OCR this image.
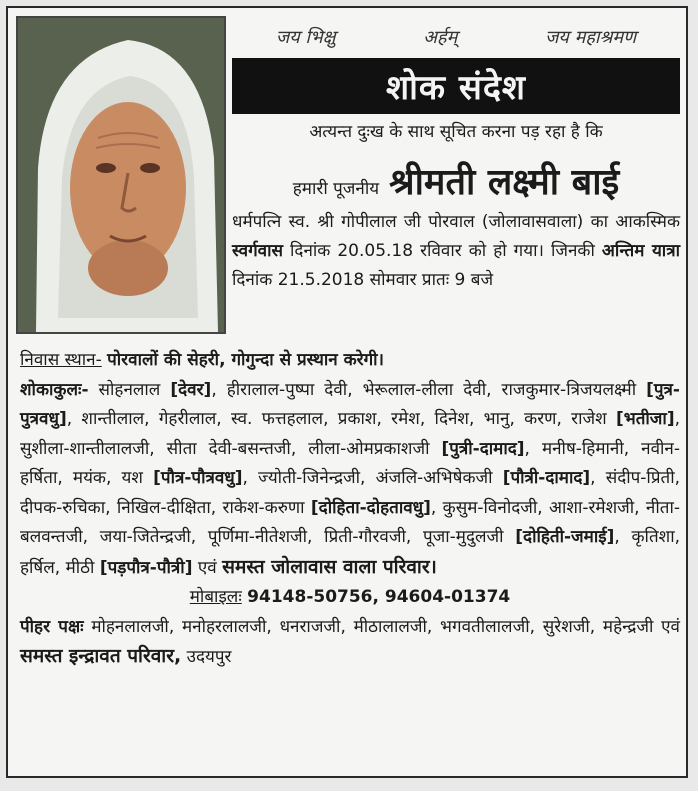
जय भिक्षु	अर्हम्	जय महाश्रमण
शोक संदेश
अत्यन्त दुःख के साथ सूचित करना पड़ रहा है कि
हमारी पूजनीय श्रीमती लक्ष्मी बाई
धर्मपत्नि स्व. श्री गोपीलाल जी पोरवाल (जोलावासवाला) का आकस्मिक स्वर्गवास दिनांक 20.05.18 रविवार को हो गया। जिनकी अन्तिम यात्रा दिनांक 21.5.2018 सोमवार प्रातः 9 बजे
निवास स्थान- पोरवालों की सेहरी, गोगुन्दा से प्रस्थान करेगी।
शोकाकुलः- सोहनलाल [देवर], हीरालाल-पुष्पा देवी, भेरूलाल-लीला देवी, राजकुमार-त्रिजयलक्ष्मी [पुत्र-पुत्रवधु], शान्तीलाल, गेहरीलाल, स्व. फत्तहलाल, प्रकाश, रमेश, दिनेश, भानु, करण, राजेश [भतीजा], सुशीला-शान्तीलालजी, सीता देवी-बसन्तजी, लीला-ओमप्रकाशजी [पुत्री-दामाद], मनीष-हिमानी, नवीन-हर्षिता, मयंक, यश [पौत्र-पौत्रवधु], ज्योती-जिनेन्द्रजी, अंजलि-अभिषेकजी [पौत्री-दामाद], संदीप-प्रिती, दीपक-रुचिका, निखिल-दीक्षिता, राकेश-करुणा [दोहिता-दोहतावधु], कुसुम-विनोदजी, आशा-रमेशजी, नीता-बलवन्तजी, जया-जितेन्द्रजी, पूर्णिमा-नीतेशजी, प्रिती-गौरवजी, पूजा-मुदुलजी [दोहिती-जमाई], कृतिशा, हर्षिल, मीठी [पड़पौत्र-पौत्री] एवं समस्त जोलावास वाला परिवार।
मोबाइलः 94148-50756, 94604-01374
पीहर पक्षः मोहनलालजी, मनोहरलालजी, धनराजजी, मीठालालजी, भगवतीलालजी, सुरेशजी, महेन्द्रजी एवं समस्त इन्द्रावत परिवार, उदयपुर
